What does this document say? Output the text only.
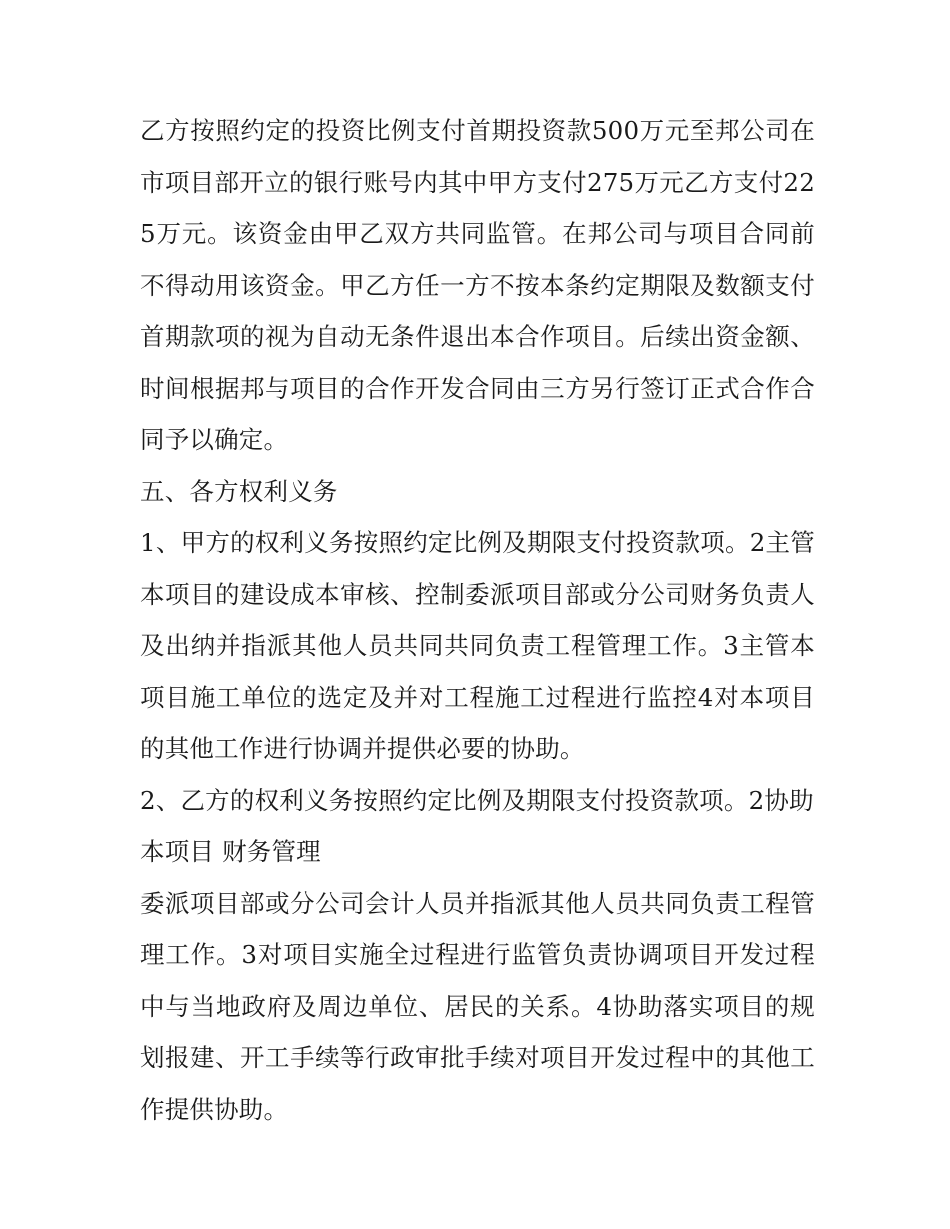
乙方按照约定的投资比例支付首期投资款500万元至邦公司在市项目部开立的银行账号内其中甲方支付275万元乙方支付225万元。该资金由甲乙双方共同监管。在邦公司与项目合同前不得动用该资金。甲乙方任一方不按本条约定期限及数额支付首期款项的视为自动无条件退出本合作项目。后续出资金额、时间根据邦与项目的合作开发合同由三方另行签订正式合作合同予以确定。

五、各方权利义务

1、甲方的权利义务按照约定比例及期限支付投资款项。2主管本项目的建设成本审核、控制委派项目部或分公司财务负责人及出纳并指派其他人员共同共同负责工程管理工作。3主管本项目施工单位的选定及并对工程施工过程进行监控4对本项目的其他工作进行协调并提供必要的协助。

2、乙方的权利义务按照约定比例及期限支付投资款项。2协助本项目 财务管理

委派项目部或分公司会计人员并指派其他人员共同负责工程管理工作。3对项目实施全过程进行监管负责协调项目开发过程中与当地政府及周边单位、居民的关系。4协助落实项目的规划报建、开工手续等行政审批手续对项目开发过程中的其他工作提供协助。
